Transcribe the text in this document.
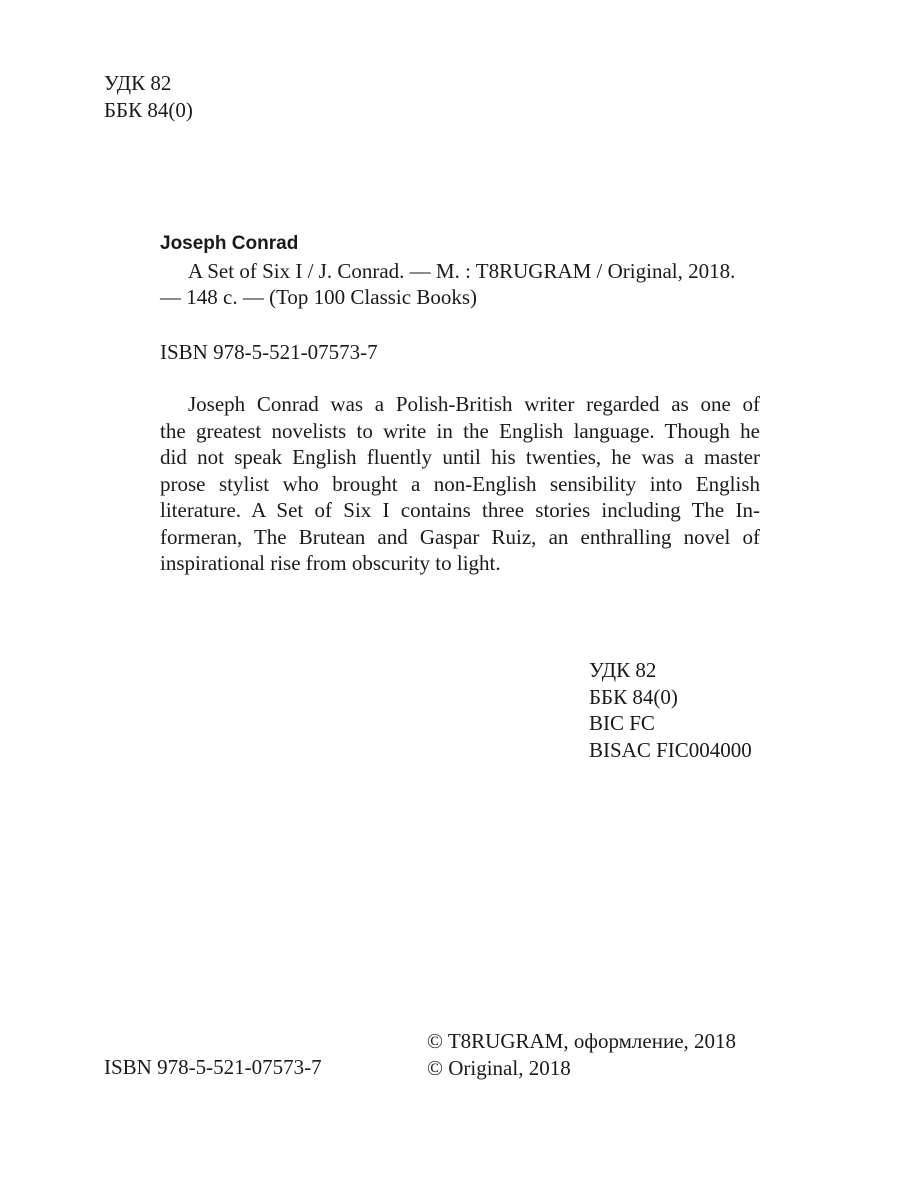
УДК 82
ББК 84(0)
Joseph Conrad
A Set of Six I / J. Conrad. — M. : T8RUGRAM / Original, 2018.
— 148 с. — (Top 100 Classic Books)
ISBN 978-5-521-07573-7
Joseph Conrad was a Polish-British writer regarded as one of
the greatest novelists to write in the English language. Though he
did not speak English fluently until his twenties, he was a master
prose stylist who brought a non-English sensibility into English
literature. A Set of Six I contains three stories including The In-
formeran, The Brutean and Gaspar Ruiz, an enthralling novel of
inspirational rise from obscurity to light.
УДК 82
ББК 84(0)
BIC FC
BISAC FIC004000
© T8RUGRAM, оформление, 2018
© Original, 2018
ISBN 978-5-521-07573-7
